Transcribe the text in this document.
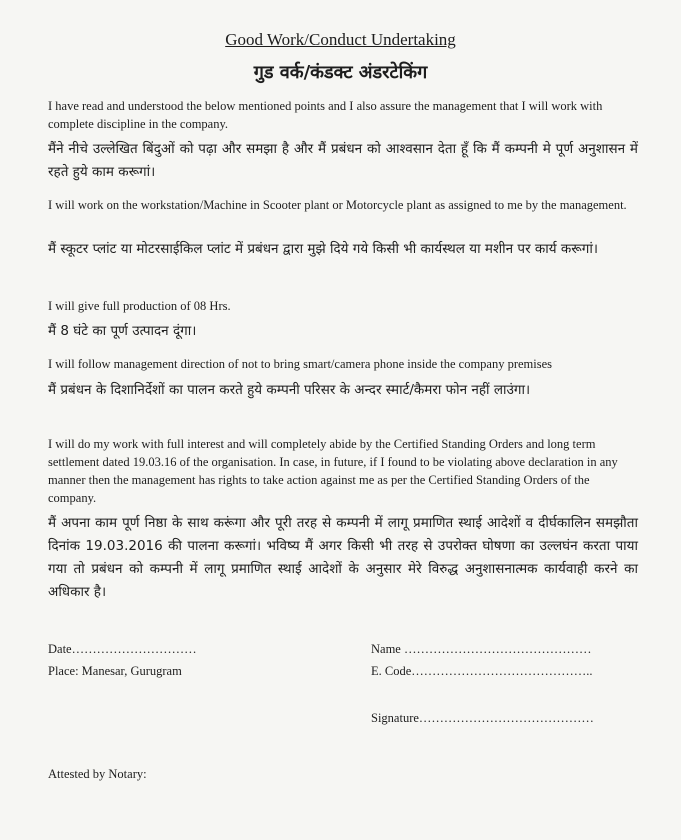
Good Work/Conduct Undertaking
गुड वर्क/कंडक्ट अंडरटेकिंग

I have read and understood the below mentioned points and I also assure the management that I will work with complete discipline in the company.

मैंने नीचे उल्लेखित बिंदुओं को पढ़ा और समझा है और मैं प्रबंधन को आश्वसान देता हूँ कि मैं कम्पनी मे पूर्ण अनुशासन में रहते हुये काम करूगां।

I will work on the workstation/Machine in Scooter plant or Motorcycle plant as assigned to me by the management.

मैं स्कूटर प्लांट या मोटरसाईकिल प्लांट में प्रबंधन द्वारा मुझे दिये गये किसी भी कार्यस्थल या मशीन पर कार्य करूगां।

I will give full production of 08 Hrs.

मैं 8 घंटे का पूर्ण उत्पादन दूंगा।

I will follow management direction of not to bring smart/camera phone inside the company premises

मैं प्रबंधन के दिशानिर्देशों का पालन करते हुये कम्पनी परिसर के अन्दर स्मार्ट/कैमरा फोन नहीं लाउंगा।

I will do my work with full interest and will completely abide by the Certified Standing Orders and long term settlement dated 19.03.16 of the organisation. In case, in future, if I found to be violating above declaration in any manner then the management has rights to take action against me as per the Certified Standing Orders of the company.

मैं अपना काम पूर्ण निष्ठा के साथ करूंगा और पूरी तरह से कम्पनी में लागू प्रमाणित स्थाई आदेशों व दीर्घकालिन समझौता दिनांक 19.03.2016 की पालना करूगां। भविष्य मैं अगर किसी भी तरह से उपरोक्त घोषणा का उल्लघंन करता पाया गया तो प्रबंधन को कम्पनी में लागू प्रमाणित स्थाई आदेशों के अनुसार मेरे विरुद्ध अनुशासनात्मक कार्यवाही करने का अधिकार है।

Date…………………………
Place: Manesar, Gurugram
Name ………………………………………
E. Code……………………………………..
Signature……………………………………
Attested by Notary:
